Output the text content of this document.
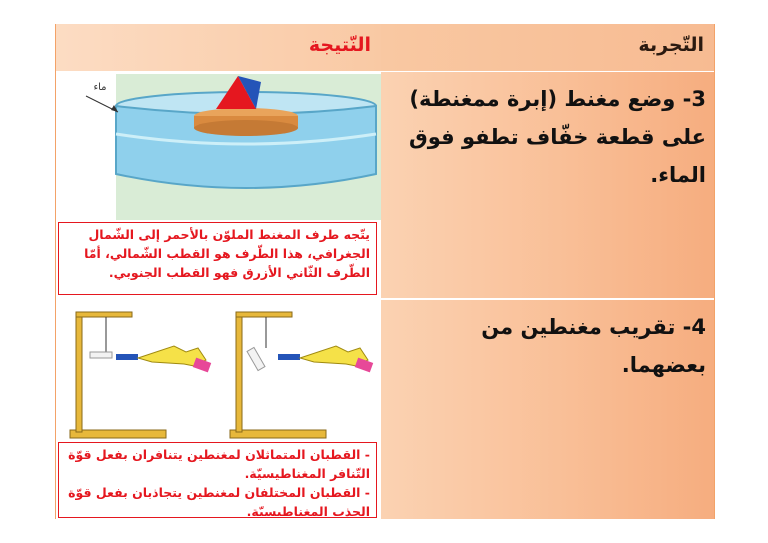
النّتيجة	التّجربة
ماء
يتّجه طرف المغنط الملوّن بالأحمر إلى الشّمال الجغرافي، هذا الطّرف هو القطب الشّمالي، أمّا الطّرف الثّاني الأزرق فهو القطب الجنوبي.
3- وضع مغنط (إبرة ممغنطة) على قطعة خفّاف تطفو فوق الماء.
- القطبان المتماثلان لمغنطين يتنافران بفعل قوّة التّنافر المغناطيسيّة.
- القطبان المختلفان لمغنطين يتجاذبان بفعل قوّة الجذب المغناطيسيّة.
4- تقريب مغنطين من بعضهما.
